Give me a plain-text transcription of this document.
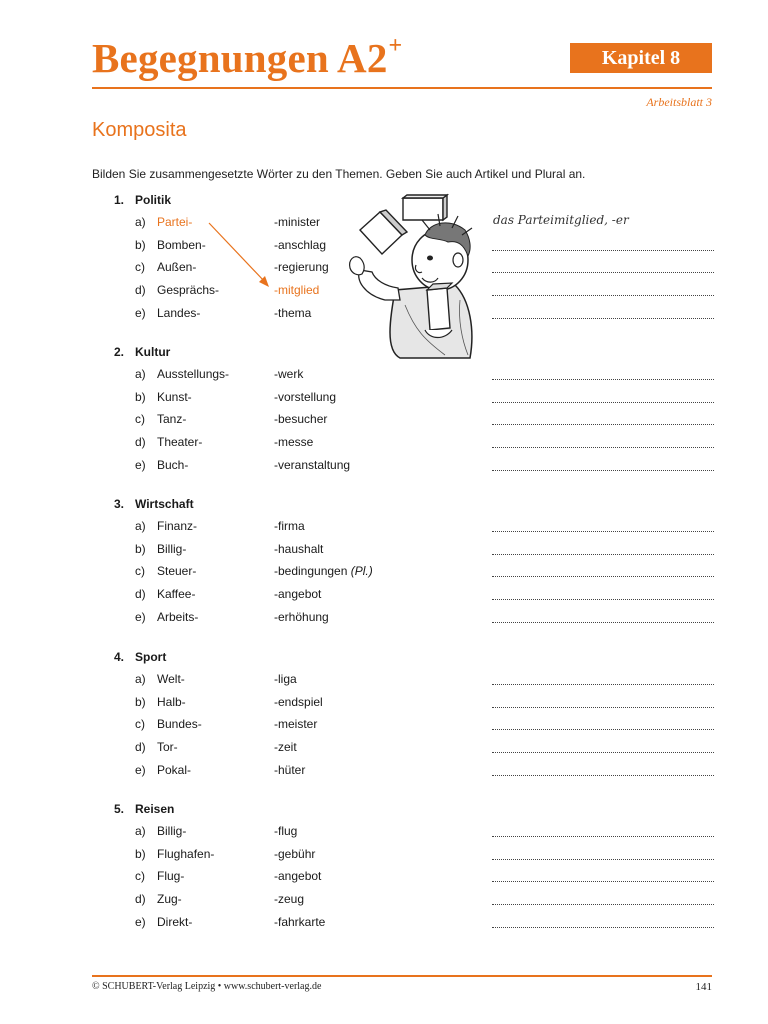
Begegnungen A2+	Kapitel 8
Arbeitsblatt 3
Komposita
Bilden Sie zusammengesetzte Wörter zu den Themen. Geben Sie auch Artikel und Plural an.
1. Politik
a) Partei-	-minister
b) Bomben-	-anschlag
c) Außen-	-regierung
d) Gesprächs-	-mitglied
e) Landes-	-thema
2. Kultur
a) Ausstellungs-	-werk
b) Kunst-	-vorstellung
c) Tanz-	-besucher
d) Theater-	-messe
e) Buch-	-veranstaltung
3. Wirtschaft
a) Finanz-	-firma
b) Billig-	-haushalt
c) Steuer-	-bedingungen (Pl.)
d) Kaffee-	-angebot
e) Arbeits-	-erhöhung
4. Sport
a) Welt-	-liga
b) Halb-	-endspiel
c) Bundes-	-meister
d) Tor-	-zeit
e) Pokal-	-hüter
5. Reisen
a) Billig-	-flug
b) Flughafen-	-gebühr
c) Flug-	-angebot
d) Zug-	-zeug
e) Direkt-	-fahrkarte
das Parteimitglied, -er
© SCHUBERT-Verlag Leipzig • www.schubert-verlag.de	141
